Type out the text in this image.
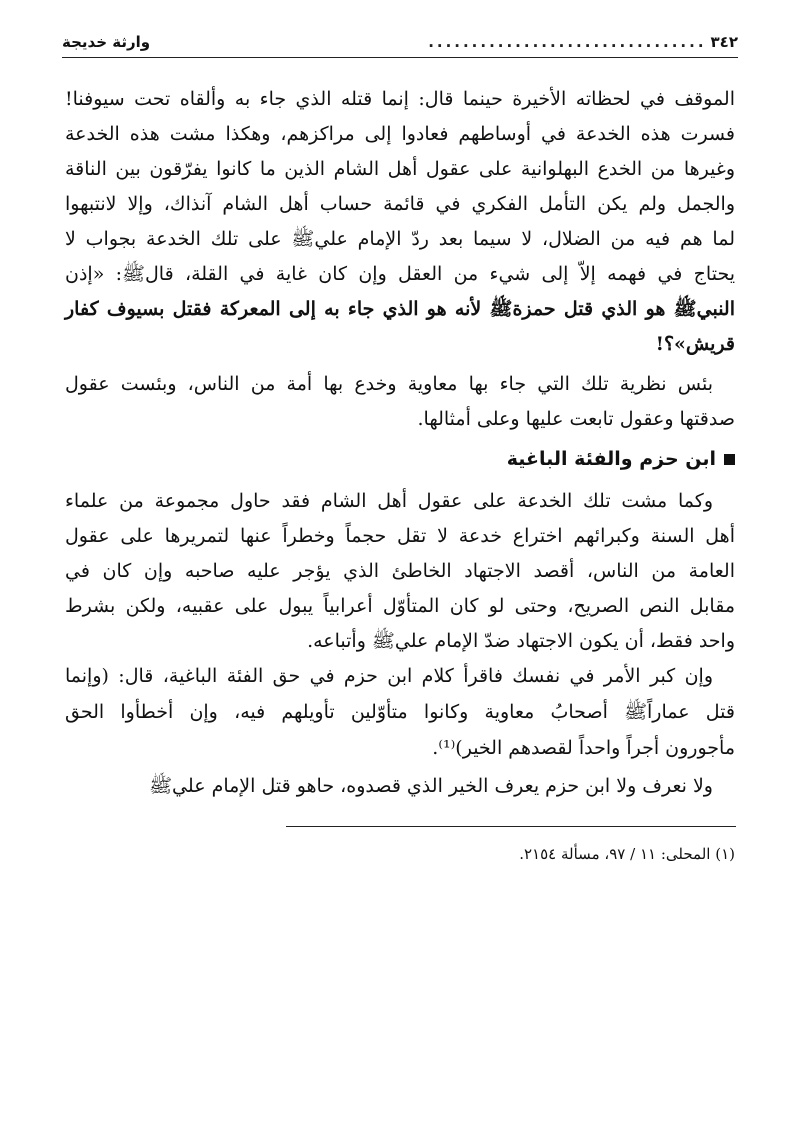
٣٤٢
................................
وارثة خديجة
الموقف في لحظاته الأخيرة حينما قال: إنما قتله الذي جاء به وألقاه تحت سيوفنا!
فسرت هذه الخدعة في أوساطهم فعادوا إلى مراكزهم، وهكذا مشت هذه الخدعة
وغيرها من الخدع البهلوانية على عقول أهل الشام الذين ما كانوا يفرّقون بين الناقة
والجمل ولم يكن التأمل الفكري في قائمة حساب أهل الشام آنذاك، وإلا لانتبهوا
لما هم فيه من الضلال، لا سيما بعد ردّ الإمام عليﷺ على تلك الخدعة بجواب لا
يحتاج في فهمه إلاّ إلى شيء من العقل وإن كان غاية في القلة، قالﷺ: «إذن
النبيﷺ هو الذي قتل حمزةﷺ لأنه هو الذي جاء به إلى المعركة فقتل بسيوف كفار
قريش»؟!
بئس نظرية تلك التي جاء بها معاوية وخدع بها أمة من الناس، وبئست عقول
صدقتها وعقول تابعت عليها وعلى أمثالها.
ابن حزم والفئة الباغية
وكما مشت تلك الخدعة على عقول أهل الشام فقد حاول مجموعة من علماء
أهل السنة وكبرائهم اختراع خدعة لا تقل حجماً وخطراً عنها لتمريرها على عقول
العامة من الناس، أقصد الاجتهاد الخاطئ الذي يؤجر عليه صاحبه وإن كان في
مقابل النص الصريح، وحتى لو كان المتأوّل أعرابياً يبول على عقبيه، ولكن بشرط
واحد فقط، أن يكون الاجتهاد ضدّ الإمام عليﷺ وأتباعه.
وإن كبر الأمر في نفسك فاقرأ كلام ابن حزم في حق الفئة الباغية، قال: (وإنما
قتل عماراًﷺ أصحابُ معاوية وكانوا متأوّلين تأويلهم فيه، وإن أخطأوا الحق
مأجورون أجراً واحداً لقصدهم الخير)⁽¹⁾.
ولا نعرف ولا ابن حزم يعرف الخير الذي قصدوه، حاهو قتل الإمام عليﷺ
(١) المحلى: ١١ / ٩٧، مسألة ٢١٥٤.
